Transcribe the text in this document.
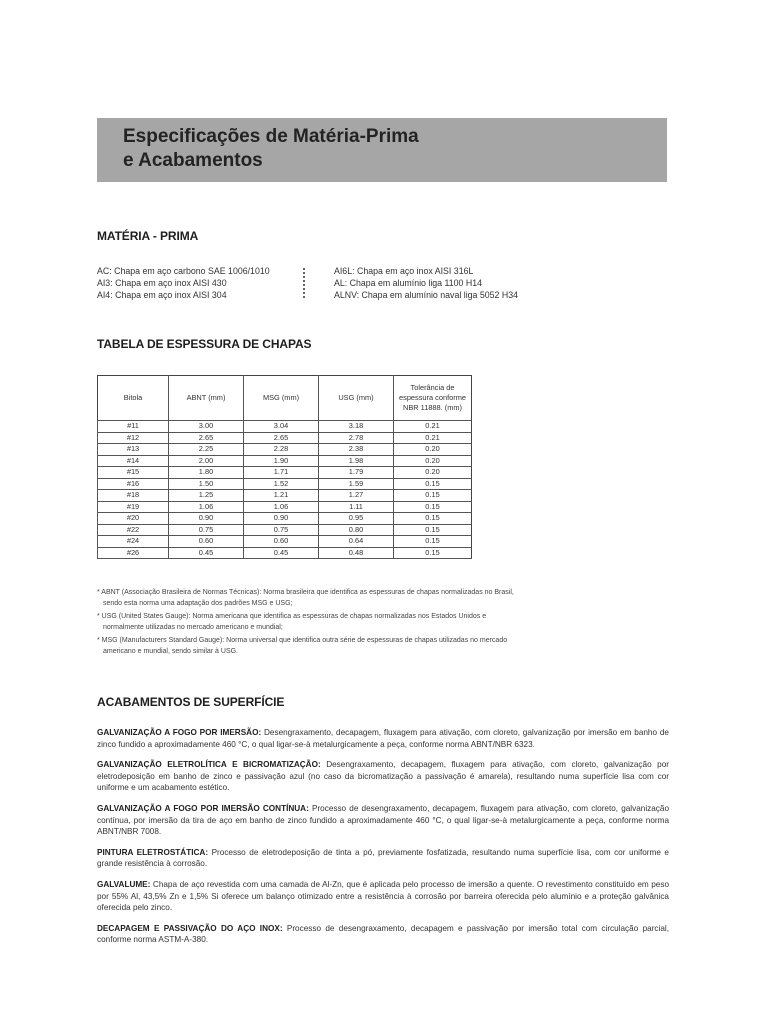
Especificações de Matéria-Prima

e Acabamentos

MATÉRIA - PRIMA
AC: Chapa em aço carbono SAE 1006/1010
AI3: Chapa em aço inox AISI 430
AI4: Chapa em aço inox AISI 304
AI6L: Chapa em aço inox AISI 316L
AL: Chapa em alumínio liga 1100 H14
ALNV: Chapa em alumínio naval liga 5052 H34
TABELA DE ESPESSURA DE CHAPAS
Bitola	ABNT (mm)	MSG (mm)	USG (mm)	Tolerância de espessura conforme NBR 11888. (mm)
#11	3.00	3.04	3.18	0.21
#12	2.65	2.65	2.78	0.21
#13	2.25	2.28	2.38	0.20
#14	2.00	1.90	1.98	0.20
#15	1.80	1.71	1.79	0.20
#16	1.50	1.52	1.59	0.15
#18	1.25	1.21	1.27	0.15
#19	1.06	1.06	1.11	0.15
#20	0.90	0.90	0.95	0.15
#22	0.75	0.75	0.80	0.15
#24	0.60	0.60	0.64	0.15
#26	0.45	0.45	0.48	0.15

* ABNT (Associação Brasileira de Normas Técnicas): Norma brasileira que identifica as espessuras de chapas normalizadas no Brasil, sendo esta norma uma adaptação dos padrões MSG e USG;

* USG (United States Gauge): Norma americana que identifica as espessuras de chapas normalizadas nos Estados Unidos e normalmente utilizadas no mercado americano e mundial;

* MSG (Manufacturers Standard Gauge): Norma universal que identifica outra série de espessuras de chapas utilizadas no mercado americano e mundial, sendo similar à USG.

ACABAMENTOS DE SUPERFÍCIE

GALVANIZAÇÃO A FOGO POR IMERSÃO: Desengraxamento, decapagem, fluxagem para ativação, com cloreto, galvanização por imersão em banho de zinco fundido a aproximadamente 460 °C, o qual ligar-se-à metalurgicamente a peça, conforme norma ABNT/NBR 6323.

GALVANIZAÇÃO ELETROLÍTICA E BICROMATIZAÇÃO: Desengraxamento, decapagem, fluxagem para ativação, com cloreto, galvanização por eletrodeposição em banho de zinco e passivação azul (no caso da bicromatização a passivação é amarela), resultando numa superfície lisa com cor uniforme e um acabamento estético.

GALVANIZAÇÃO A FOGO POR IMERSÃO CONTÍNUA: Processo de desengraxamento, decapagem, fluxagem para ativação, com cloreto, galvanização contínua, por imersão da tira de aço em banho de zinco fundido a aproximadamente 460 °C, o qual ligar-se-à metalurgicamente a peça, conforme norma ABNT/NBR 7008.

PINTURA ELETROSTÁTICA: Processo de eletrodeposição de tinta a pó, previamente fosfatizada, resultando numa superfície lisa, com cor uniforme e grande resistência à corrosão.

GALVALUME: Chapa de aço revestida com uma camada de Al-Zn, que é aplicada pelo processo de imersão a quente. O revestimento constituído em peso por 55% Al, 43,5% Zn e 1,5% Si oferece um balanço otimizado entre a resistência à corrosão por barreira oferecida pelo alumínio e a proteção galvânica oferecida pelo zinco.

DECAPAGEM E PASSIVAÇÃO DO AÇO INOX: Processo de desengraxamento, decapagem e passivação por imersão total com circulação parcial, conforme norma ASTM-A-380.
